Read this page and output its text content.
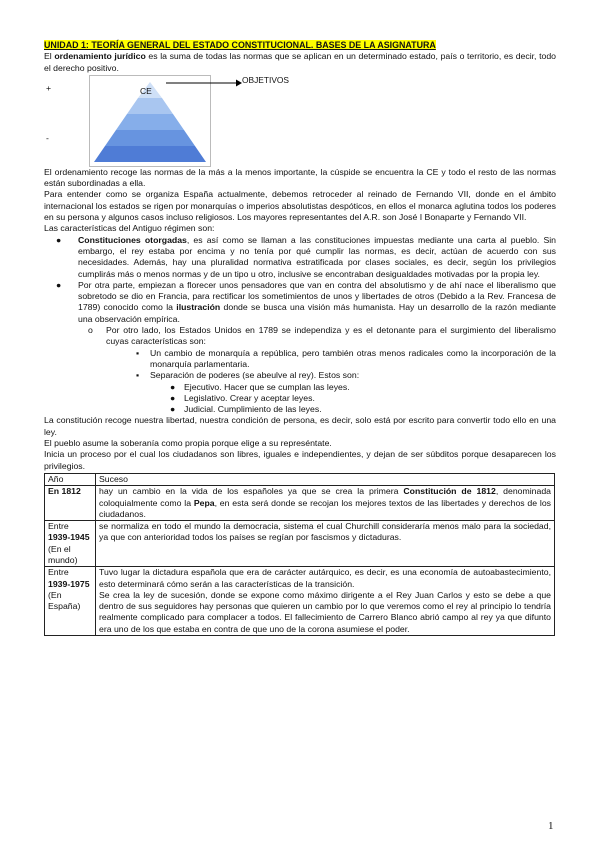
UNIDAD 1: TEORÍA GENERAL DEL ESTADO CONSTITUCIONAL. BASES DE LA ASIGNATURA

El ordenamiento jurídico es la suma de todas las normas que se aplican en un determinado estado, país o territorio, es decir, todo el derecho positivo.

+
-
CE
OBJETIVOS

El ordenamiento recoge las normas de la más a la menos importante, la cúspide se encuentra la CE y todo el resto de las normas están subordinadas a ella.

Para entender como se organiza España actualmente, debemos retroceder al reinado de Fernando VII, donde en el ámbito internacional los estados se rigen por monarquías o imperios absolutistas despóticos, en ellos el monarca aglutina todos los poderes en su persona y algunos casos incluso religiosos. Los mayores representantes del A.R. son José I Bonaparte y Fernando VII.

Las características del Antiguo régimen son:

● Constituciones otorgadas, es así como se llaman a las constituciones impuestas mediante una carta al pueblo. Sin embargo, el rey estaba por encima y no tenía por qué cumplir las normas, es decir, actúan de acuerdo con sus necesidades. Además, hay una pluralidad normativa estratificada por clases sociales, es decir, según los privilegios cumplirás más o menos normas y de un tipo u otro, inclusive se encontraban desigualdades motivadas por la propia ley.
● Por otra parte, empiezan a florecer unos pensadores que van en contra del absolutismo y de ahí nace el liberalismo que sobretodo se dio en Francia, para rectificar los sometimientos de unos y libertades de otros (Debido a la Rev. Francesa de 1789) conocido como la ilustración donde se busca una visión más humanista. Hay un desarrollo de la razón mediante una observación empírica.
o Por otro lado, los Estados Unidos en 1789 se independiza y es el detonante para el surgimiento del liberalismo cuyas características son:
▪ Un cambio de monarquía a república, pero también otras menos radicales como la incorporación de la monarquía parlamentaria.
▪ Separación de poderes (se abeulve al rey). Estos son:
● Ejecutivo. Hacer que se cumplan las leyes.
● Legislativo. Crear y aceptar leyes.
● Judicial. Cumplimiento de las leyes.

La constitución recoge nuestra libertad, nuestra condición de persona, es decir, solo está por escrito para convertir todo ello en una ley.

El pueblo asume la soberanía como propia porque elige a su represéntate.

Inicia un proceso por el cual los ciudadanos son libres, iguales e independientes, y dejan de ser súbditos porque desaparecen los privilegios.

Año	Suceso
En 1812	hay un cambio en la vida de los españoles ya que se crea la primera Constitución de 1812, denominada coloquialmente como la Pepa, en esta será donde se recojan los mejores textos de las libertades y derechos de los ciudadanos.
Entre 1939-1945 (En el mundo)	se normaliza en todo el mundo la democracia, sistema el cual Churchill consideraría menos malo para la sociedad, ya que con anterioridad todos los países se regían por fascismos y dictaduras.
Entre 1939-1975 (En España)	Tuvo lugar la dictadura española que era de carácter autárquico, es decir, es una economía de autoabastecimiento, esto determinará cómo serán a las características de la transición.
Se crea la ley de sucesión, donde se expone como máximo dirigente a el Rey Juan Carlos y esto se debe a que dentro de sus seguidores hay personas que quieren un cambio por lo que veremos como el rey al principio lo tendría realmente complicado para complacer a todos. El fallecimiento de Carrero Blanco abrió campo al rey ya que difunto era uno de los que estaba en contra de que uno de la corona asumiese el poder.
1
